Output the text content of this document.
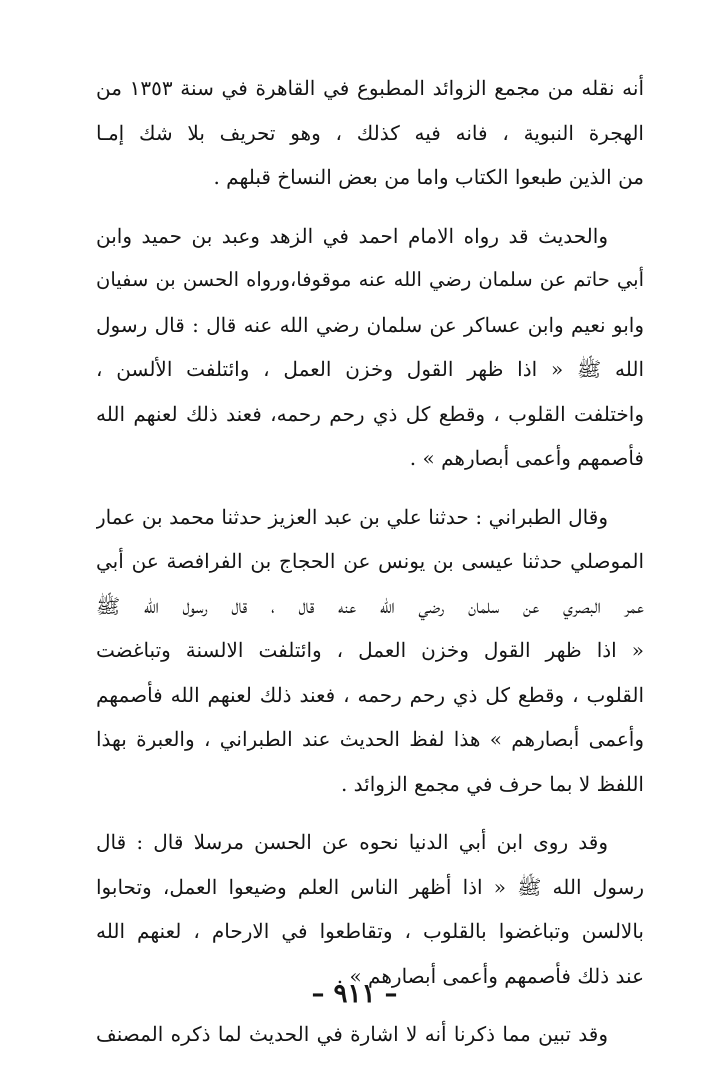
أنه نقله من مجمع الزوائد المطبوع في القاهرة في سنة ١٣٥٣ من
الهجرة النبوية ، فانه فيه كذلك ، وهو تحريف بلا شك إمـا
من الذين طبعوا الكتاب واما من بعض النساخ قبلهم .
والحديث قد رواه الامام احمد في الزهد وعبد بن حميد وابن
أبي حاتم عن سلمان رضي الله عنه موقوفا،ورواه الحسن بن سفيان
وابو نعيم وابن عساكر عن سلمان رضي الله عنه قال : قال رسول
الله ﷺ « اذا ظهر القول وخزن العمل ، وائتلفت الألسن ،
واختلفت القلوب ، وقطع كل ذي رحم رحمه، فعند ذلك لعنهم الله
فأصمهم وأعمى أبصارهم » .
وقال الطبراني : حدثنا علي بن عبد العزيز حدثنا محمد بن عمار
الموصلي حدثنا عيسى بن يونس عن الحجاج بن الفرافصة عن أبي
عمر البصري عن سلمان رضي الله عنه قال ، قال رسول الله ﷺ
« اذا ظهر القول وخزن العمل ، وائتلفت الالسنة وتباغضت
القلوب ، وقطع كل ذي رحم رحمه ، فعند ذلك لعنهم الله فأصمهم
وأعمى أبصارهم » هذا لفظ الحديث عند الطبراني ، والعبرة بهذا
اللفظ لا بما حرف في مجمع الزوائد .
وقد روى ابن أبي الدنيا نحوه عن الحسن مرسلا قال : قال
رسول الله ﷺ « اذا أظهر الناس العلم وضيعوا العمل، وتحابوا
بالالسن وتباغضوا بالقلوب ، وتقاطعوا في الارحام ، لعنهم الله
عند ذلك فأصمهم وأعمى أبصارهم » .
وقد تبين مما ذكرنا أنه لا اشارة في الحديث لما ذكره المصنف
– ٩١١ –
